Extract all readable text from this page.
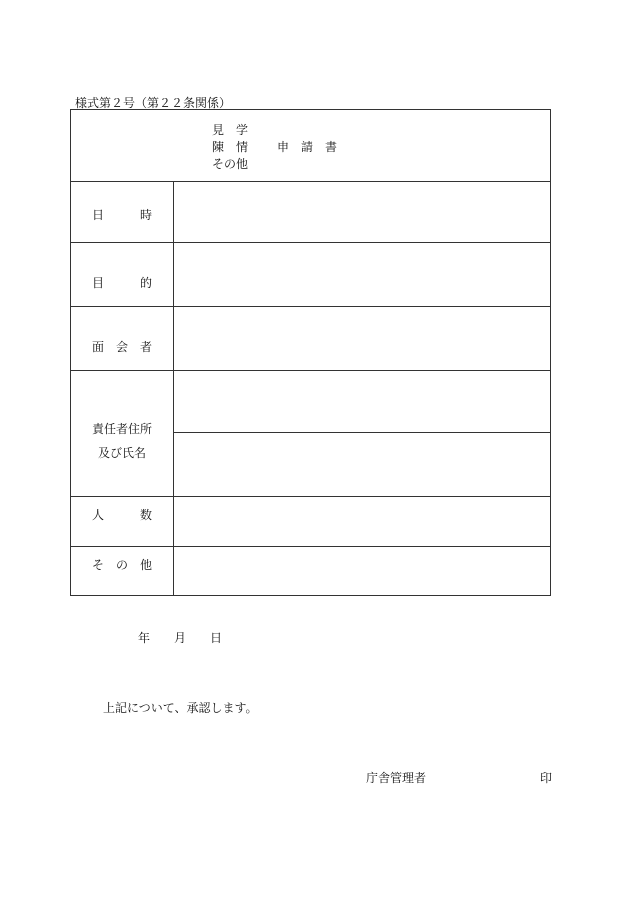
様式第２号（第２２条関係）
見　学
陳　情	申　請　書
その他
日　　　時
目　　　的
面　会　者
責任者住所
及び氏名
人　　　数
そ　の　他
年　　月　　日
上記について、承認します。
庁舎管理者	印
